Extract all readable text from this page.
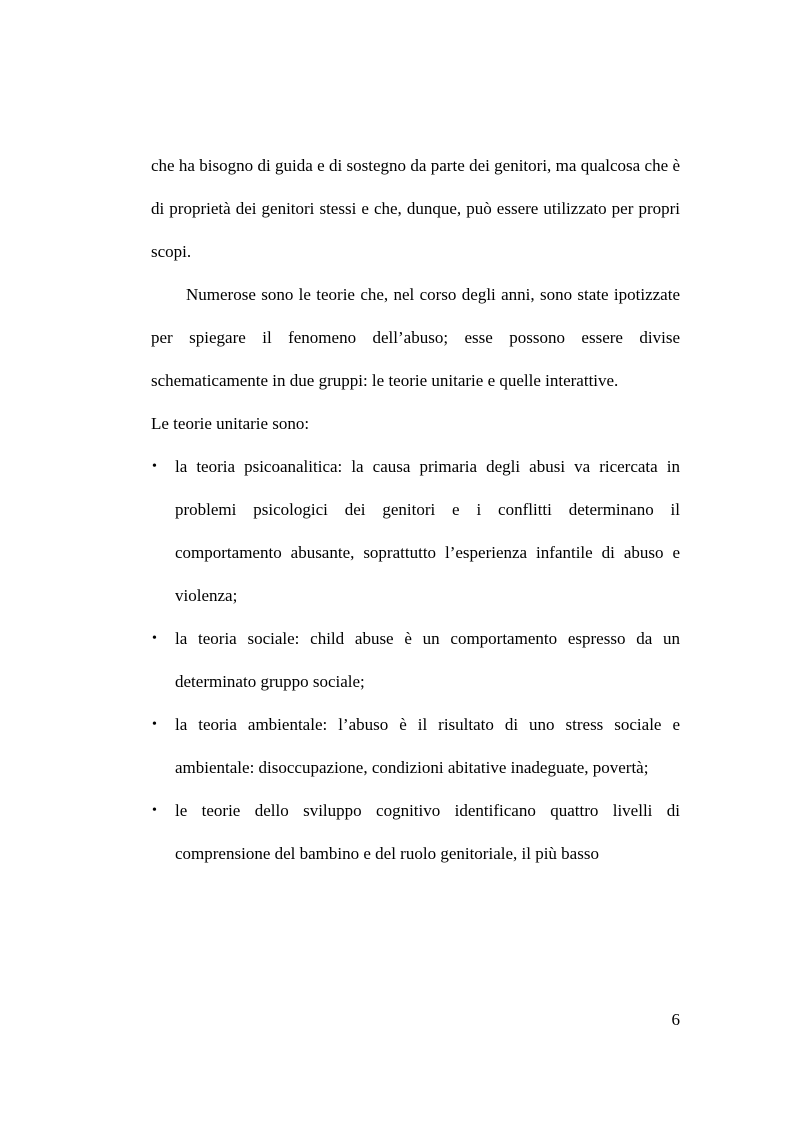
che ha bisogno di guida e di sostegno da parte dei genitori, ma qualcosa che è di proprietà dei genitori stessi e che, dunque, può essere utilizzato per propri scopi.

Numerose sono le teorie che, nel corso degli anni, sono state ipotizzate per spiegare il fenomeno dell’abuso; esse possono essere divise schematicamente in due gruppi: le teorie unitarie e quelle interattive.

Le teorie unitarie sono:

• la teoria psicoanalitica: la causa primaria degli abusi va ricercata in problemi psicologici dei genitori e i conflitti determinano il comportamento abusante, soprattutto l’esperienza infantile di abuso e violenza;
• la teoria sociale: child abuse è un comportamento espresso da un determinato gruppo sociale;
• la teoria ambientale: l’abuso è il risultato di uno stress sociale e ambientale: disoccupazione, condizioni abitative inadeguate, povertà;
• le teorie dello sviluppo cognitivo identificano quattro livelli di comprensione del bambino e del ruolo genitoriale, il più basso
6
